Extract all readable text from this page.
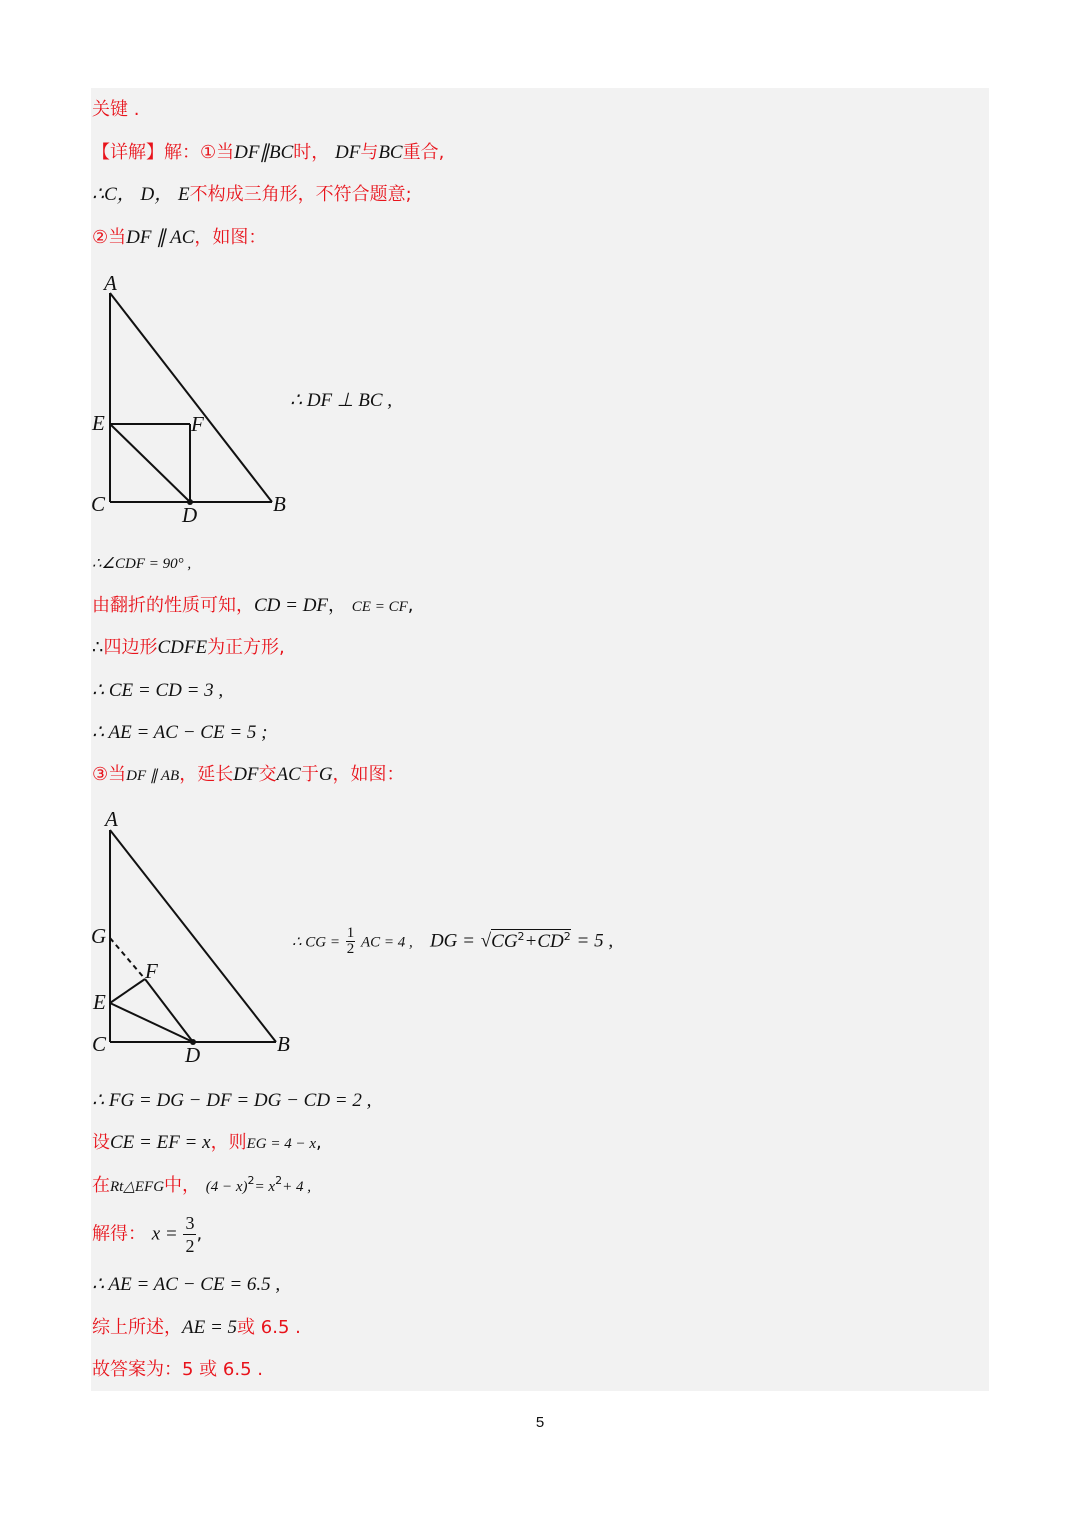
关键 .
【详解】解：①当DF∥BC时， DF与BC重合,
∴C， D， E不构成三角形，不符合题意;
②当DF ∥ AC，如图：
A
E	F
C	D	B
∴ DF ⊥ BC ,
∴∠CDF = 90° ,
由翻折的性质可知，CD = DF， CE = CF,
∴四边形CDFE为正方形,
∴ CE = CD = 3 ,
∴ AE = AC − CE = 5 ;
③当DF ∥ AB，延长DF交AC于G，如图：
A
G
F
E
C	D	B
∴ CG = $\frac{1}{2}$ AC = 4 , DG = $√CG^2+CD^2 = 5$ ,
∴ FG = DG − DF = DG − CD = 2 ,
设CE = EF = x，则EG = 4 − x,
在Rt△EFG中， $(4 - x)^2= x^2+ 4$ ,
解得： $x = \frac{3}{2}$ ,
∴ AE = AC − CE = 6.5 ,
综上所述，AE = 5或 6.5 .
故答案为：5 或 6.5 .
5
